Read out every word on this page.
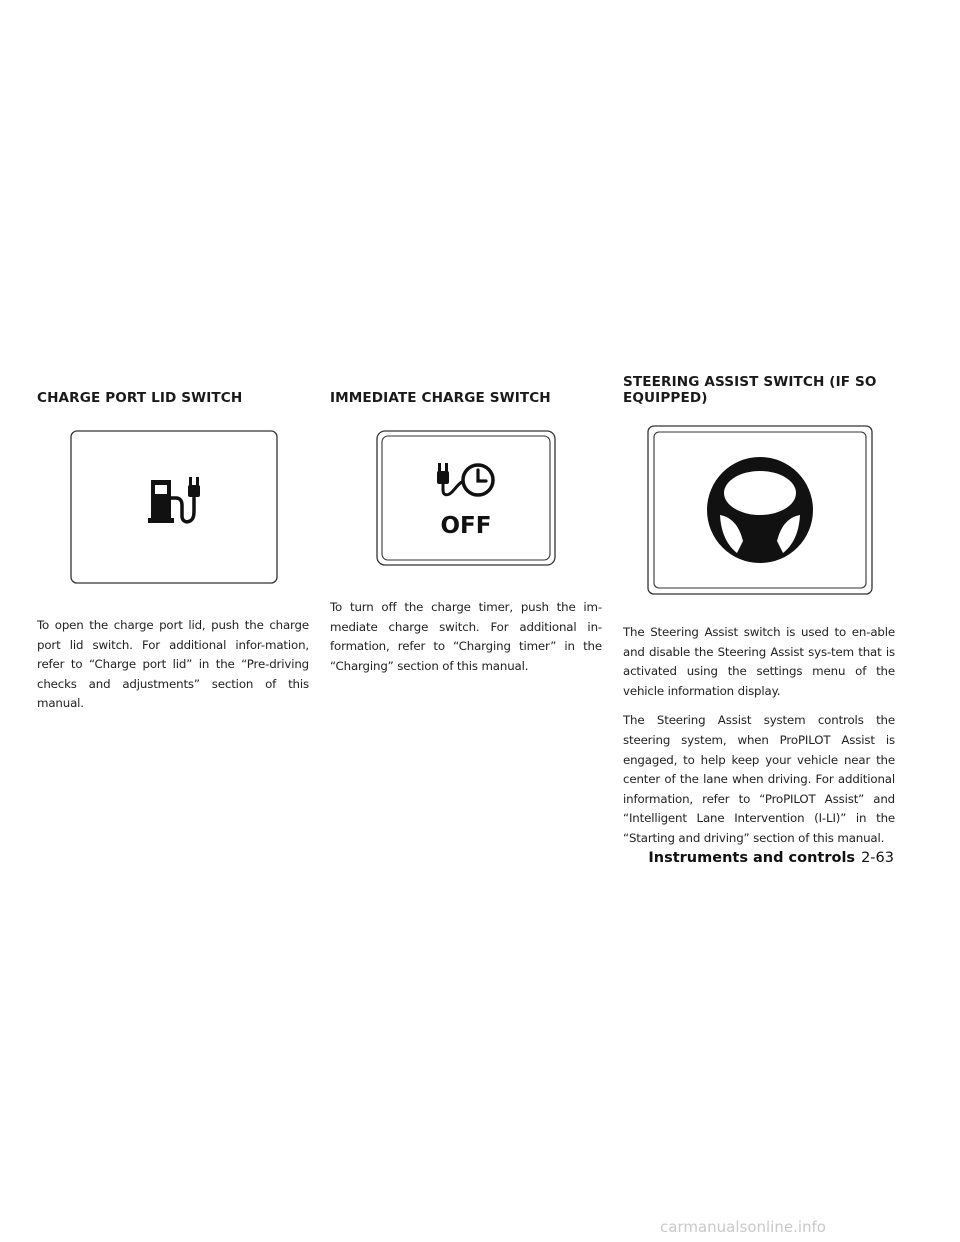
CHARGE PORT LID SWITCH

To open the charge port lid, push the charge port lid switch. For additional infor-mation, refer to “Charge port lid” in the “Pre-driving checks and adjustments” section of this manual.

IMMEDIATE CHARGE SWITCH
OFF

To turn off the charge timer, push the im-mediate charge switch. For additional in-formation, refer to “Charging timer” in the “Charging” section of this manual.

STEERING ASSIST SWITCH (IF SO EQUIPPED)

The Steering Assist switch is used to en-able and disable the Steering Assist sys-tem that is activated using the settings menu of the vehicle information display.

The Steering Assist system controls the steering system, when ProPILOT Assist is engaged, to help keep your vehicle near the center of the lane when driving. For additional information, refer to “ProPILOT Assist” and “Intelligent Lane Intervention (I-LI)” in the “Starting and driving” section of this manual.

Instruments and controls 2-63
carmanualsonline.info
